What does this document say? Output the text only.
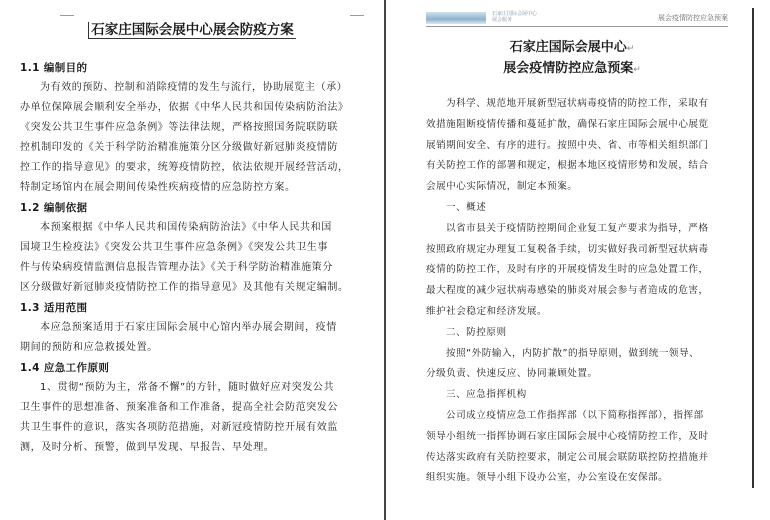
石家庄国际会展中心展会防疫方案
1.1 编制目的
为有效的预防、控制和消除疫情的发生与流行，协助展览主（承）
办单位保障展会顺利安全举办，依据《中华人民共和国传染病防治法》
《突发公共卫生事件应急条例》等法律法规，严格按照国务院联防联
控机制印发的《关于科学防治精准施策分区分级做好新冠肺炎疫情防
控工作的指导意见》的要求，统筹疫情防控，依法依规开展经营活动，
特制定场馆内在展会期间传染性疾病疫情的应急防控方案。
1.2 编制依据
本预案根据《中华人民共和国传染病防治法》《中华人民共和国
国境卫生检疫法》《突发公共卫生事件应急条例》《突发公共卫生事
件与传染病疫情监测信息报告管理办法》《关于科学防治精准施策分
区分级做好新冠肺炎疫情防控工作的指导意见》及其他有关规定编制。
1.3 适用范围
本应急预案适用于石家庄国际会展中心馆内举办展会期间，疫情
期间的预防和应急救援处置。
1.4 应急工作原则
1、贯彻“预防为主，常备不懈”的方针，随时做好应对突发公共
卫生事件的思想准备、预案准备和工作准备，提高全社会防范突发公
共卫生事件的意识，落实各项防范措施，对新冠疫情防控开展有效监
测，及时分析、预警，做到早发现、早报告、早处理。
石家庄国际会展中心
展会服务	展会疫情防控应急预案
石家庄国际会展中心↵
展会疫情防控应急预案↵
为科学、规范地开展新型冠状病毒疫情的防控工作，采取有
效措施阻断疫情传播和蔓延扩散，确保石家庄国际会展中心展览
展销期间安全、有序的进行。按照中央、省、市等相关组织部门
有关防控工作的部署和规定，根据本地区疫情形势和发展，结合
会展中心实际情况，制定本预案。
一、概述
以省市县关于疫情防控期间企业复工复产要求为指导，严格
按照政府规定办理复工复税备手续，切实做好我司新型冠状病毒
疫情的防控工作，及时有序的开展疫情发生时的应急处置工作，
最大程度的减少冠状病毒感染的肺炎对展会参与者造成的危害，
维护社会稳定和经济发展。
二、防控原则
按照“外防输入，内防扩散”的指导原则，做到统一领导、
分级负责、快速反应、协同兼顾处置。
三、应急指挥机构
公司成立疫情应急工作指挥部（以下简称指挥部），指挥部
领导小组统一指挥协调石家庄国际会展中心疫情防控工作，及时
传达落实政府有关防控要求，制定公司展会联防联控防控措施并
组织实施。领导小组下设办公室，办公室设在安保部。
